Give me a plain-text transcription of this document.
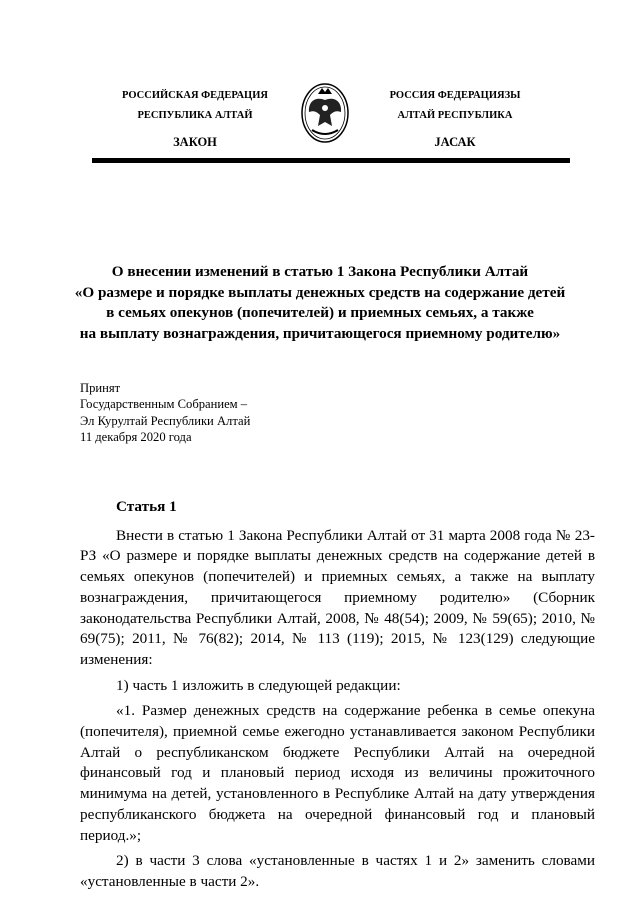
РОССИЙСКАЯ ФЕДЕРАЦИЯ
РЕСПУБЛИКА АЛТАЙ
ЗАКОН
РОССИЯ ФЕДЕРАЦИЯЗЫ
АЛТАЙ РЕСПУБЛИКА
JАСАК
О внесении изменений в статью 1 Закона Республики Алтай
«О размере и порядке выплаты денежных средств на содержание детей
в семьях опекунов (попечителей) и приемных семьях, а также
на выплату вознаграждения, причитающегося приемному родителю»
Принят
Государственным Собранием –
Эл Курултай Республики Алтай
11 декабря 2020 года

Статья 1

Внести в статью 1 Закона Республики Алтай от 31 марта 2008 года № 23-РЗ «О размере и порядке выплаты денежных средств на содержание детей в семьях опекунов (попечителей) и приемных семьях, а также на выплату вознаграждения, причитающегося приемному родителю» (Сборник законодательства Республики Алтай, 2008, № 48(54); 2009, № 59(65); 2010, № 69(75); 2011, № 76(82); 2014, № 113 (119); 2015, № 123(129) следующие изменения:

1) часть 1 изложить в следующей редакции:

«1. Размер денежных средств на содержание ребенка в семье опекуна (попечителя), приемной семье ежегодно устанавливается законом Республики Алтай о республиканском бюджете Республики Алтай на очередной финансовый год и плановый период исходя из величины прожиточного минимума на детей, установленного в Республике Алтай на дату утверждения республиканского бюджета на очередной финансовый год и плановый период.»;

2) в части 3 слова «установленные в частях 1 и 2» заменить словами «установленные в части 2».
